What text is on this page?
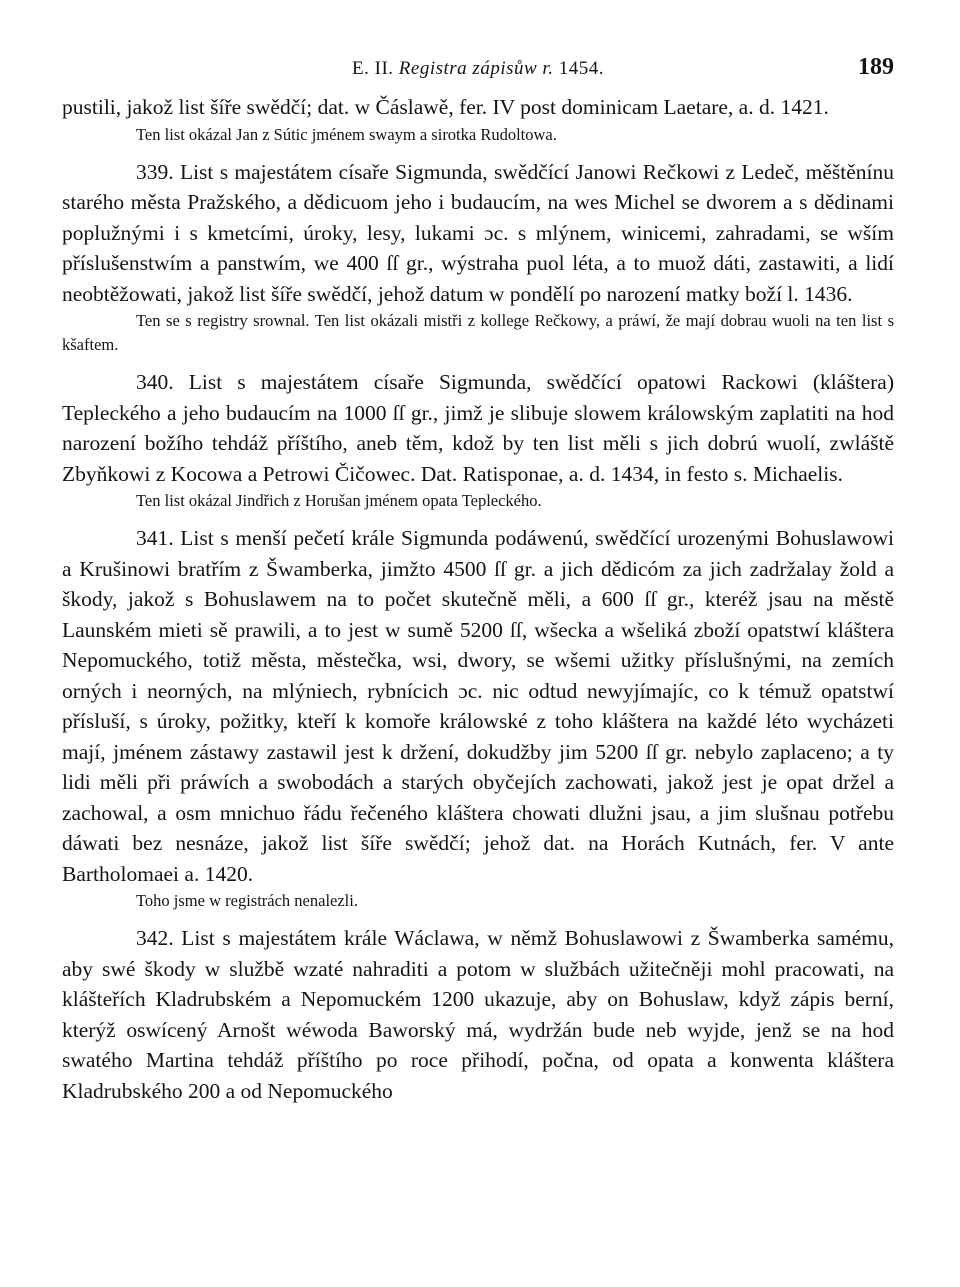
E. II. Registra zápisůw r. 1454.	189

pustili, jakož list šíře swědčí; dat. w Čáslawě, fer. IV post dominicam Laetare, a. d. 1421.

Ten list okázal Jan z Sútic jménem swaym a sirotka Rudoltowa.

339. List s majestátem císaře Sigmunda, swědčící Janowi Rečkowi z Ledeč, měštěnínu starého města Pražského, a dědicuom jeho i budaucím, na wes Michel se dworem a s dědinami poplužnými i s kmetcími, úroky, lesy, lukami ɔc. s mlýnem, winicemi, zahradami, se wším příslušenstwím a panstwím, we 400 ſſ gr., wýstraha puol léta, a to muož dáti, zastawiti, a lidí neobtěžowati, jakož list šíře swědčí, jehož datum w pondělí po narození matky boží l. 1436.

Ten se s registry srownal. Ten list okázali mistři z kollege Rečkowy, a práwí, že mají dobrau wuoli na ten list s kšaftem.

340. List s majestátem císaře Sigmunda, swědčící opatowi Rackowi (kláštera) Tepleckého a jeho budaucím na 1000 ſſ gr., jimž je slibuje slowem králowským zaplatiti na hod narození božího tehdáž příštího, aneb těm, kdož by ten list měli s jich dobrú wuolí, zwláště Zbyňkowi z Kocowa a Petrowi Čičowec. Dat. Ratisponae, a. d. 1434, in festo s. Michaelis.

Ten list okázal Jindřich z Horušan jménem opata Tepleckého.

341. List s menší pečetí krále Sigmunda podáwenú, swědčící urozenými Bohuslawowi a Krušinowi bratřím z Šwamberka, jimžto 4500 ſſ gr. a jich dědicóm za jich zadržalay žold a škody, jakož s Bohuslawem na to počet skutečně měli, a 600 ſſ gr., kteréž jsau na městě Launském mieti sě prawili, a to jest w sumě 5200 ſſ, wšecka a wšeliká zboží opatstwí kláštera Nepomuckého, totiž města, městečka, wsi, dwory, se wšemi užitky příslušnými, na zemích orných i neorných, na mlýniech, rybnícich ɔc. nic odtud newyjímajíc, co k témuž opatstwí přísluší, s úroky, požitky, kteří k komoře králowské z toho kláštera na každé léto wycházeti mají, jménem zástawy zastawil jest k držení, dokudžby jim 5200 ſſ gr. nebylo zaplaceno; a ty lidi měli při práwích a swobodách a starých obyčejích zachowati, jakož jest je opat držel a zachowal, a osm mnichuo řádu řečeného kláštera chowati dlužni jsau, a jim slušnau potřebu dáwati bez nesnáze, jakož list šíře swědčí; jehož dat. na Horách Kutnách, fer. V ante Bartholomaei a. 1420.

Toho jsme w registrách nenalezli.

342. List s majestátem krále Wáclawa, w němž Bohuslawowi z Šwamberka samému, aby swé škody w službě wzaté nahraditi a potom w službách užitečněji mohl pracowati, na klášteřích Kladrubském a Nepomuckém 1200 ukazuje, aby on Bohuslaw, když zápis berní, kterýž oswícený Arnošt wéwoda Baworský má, wydržán bude neb wyjde, jenž se na hod swatého Martina tehdáž příštího po roce přihodí, počna, od opata a konwenta kláštera Kladrubského 200 a od Nepomuckého
